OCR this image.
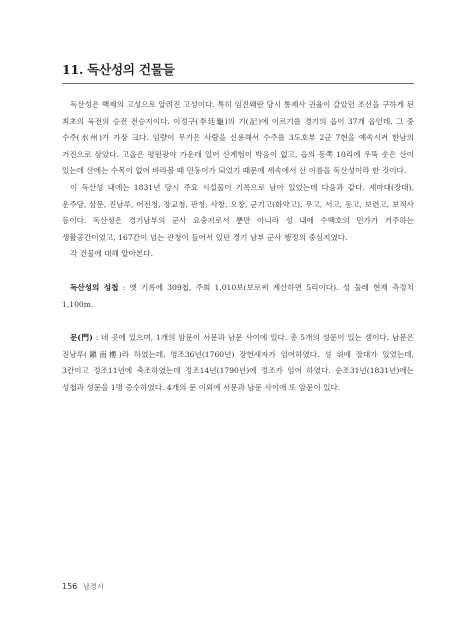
11. 독산성의 건물들

독산성은 백제의 고성으로 알려진 고성이다. 특히 임진왜란 당시 통제사 권율이 갈았던 조선을 구하게 된 최초의 육전의 승전 전승지이다. 이정구(李廷龜)의 기(記)에 이르기를 경기의 읍이 37개 읍인데, 그 중 수주(水州)가 가장 크다. 임량이 무기은 사람을 신용해서 수주를 3도호부 2군 7현을 예속시켜 한남의 거진으로 삼았다. 고을은 평원광야 가운데 있어 산계험이 박음이 없고, 읍의 동쪽 10리에 우뚝 솟은 산이 있는데 산에는 수목이 없어 바라볼 때 민둥이가 되었기 때문에 세속에서 산 이름을 독산성이라 한 것이다.

이 독산성 내에는 1831년 당시 주요 시설물이 기록으로 남아 있었는데 다음과 같다. 세마대(장대), 운주당, 삼문, 진남루, 어전청, 장교청, 관청, 사창, 오창, 군기고(화약고), 무고, 서고, 동고, 보련고, 보적사 등이다. 독산성은 경기남부의 군사 요충지로서 뿐만 아니라 성 내에 수백호의 민가가 거주하는 생활공간이었고, 167간이 넘는 관청이 들어서 있던 경기 남부 군사 행정의 중심지였다.

각 건물에 대해 알아본다.

독산성의 성첩 : 옛 기록에 309첩, 주회 1,010보(보로써 계산하면 5리이다). 성 둘레 현재 측정치 1,100m.

문(門) : 네 곳에 있으며, 1개의 암문이 서문과 남문 사이에 있다. 총 5개의 성문이 있는 셈이다. 남문은 진남루(鎭南樓)라 하였는데, 영조36년(1760년) 장헌세자가 임어하였다. 성 위에 장대가 있었는데, 3칸이고 정조11년에 축조하였는데 정조14년(1790년)에 정조가 임어 하였다. 순조31년(1831년)에는 성첩과 성문을 1명 증수하였다. 4개의 문 이외에 서문과 남문 사이에 또 암문이 있다.

156 남경시
